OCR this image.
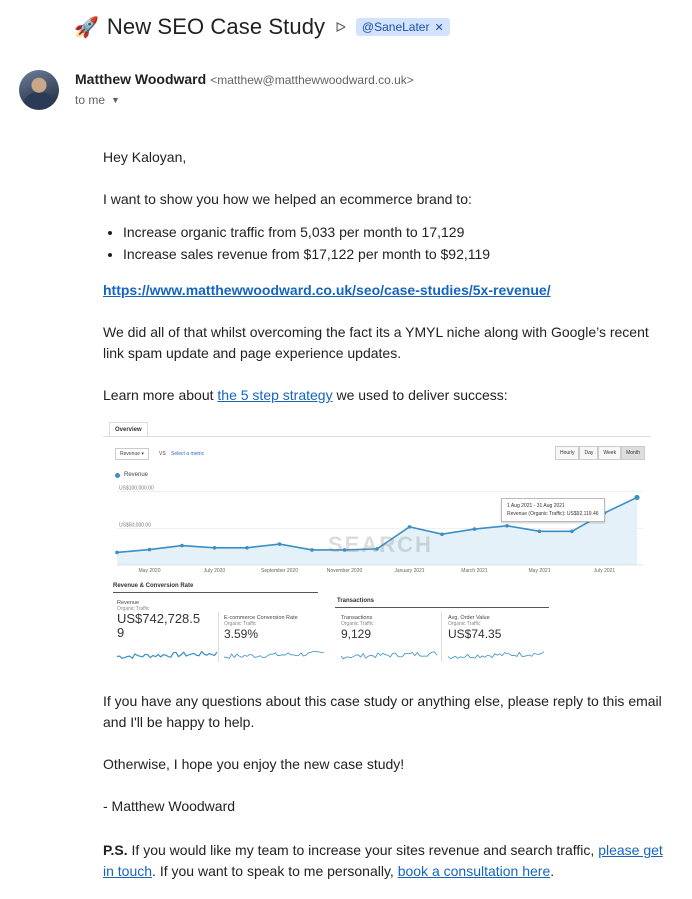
🚀 New SEO Case Study ᐅ @SaneLater ✕
Matthew Woodward <matthew@matthewwoodward.co.uk>
to me ▼
Hey Kaloyan,
I want to show you how we helped an ecommerce brand to:
Increase organic traffic from 5,033 per month to 17,129
Increase sales revenue from $17,122 per month to $92,119
https://www.matthewwoodward.co.uk/seo/case-studies/5x-revenue/
We did all of that whilst overcoming the fact its a YMYL niche along with Google’s recent link spam update and page experience updates.
Learn more about the 5 step strategy we used to deliver success:
If you have any questions about this case study or anything else, please reply to this email and I'll be happy to help.
Otherwise, I hope you enjoy the new case study!
- Matthew Woodward
P.S. If you would like my team to increase your sites revenue and search traffic, please get in touch. If you want to speak to me personally, book a consultation here.
Overview
Revenue ▾	VS Select a metric	Hourly	Day	Week	Month
Revenue
US$50,000.00
US$100,000.00
May 2020	July 2020	September 2020	November 2020	January 2021	March 2021	May 2021	July 2021
SEARCH
1 Aug 2021 - 31 Aug 2021
Revenue (Organic Traffic): US$92,119.46
Revenue & Conversion Rate
Transactions
Revenue
Organic Traffic
US$742,728.5
9
E-commerce Conversion Rate
Organic Traffic
3.59%
Transactions
Organic Traffic
9,129
Avg. Order Value
Organic Traffic
US$74.35
